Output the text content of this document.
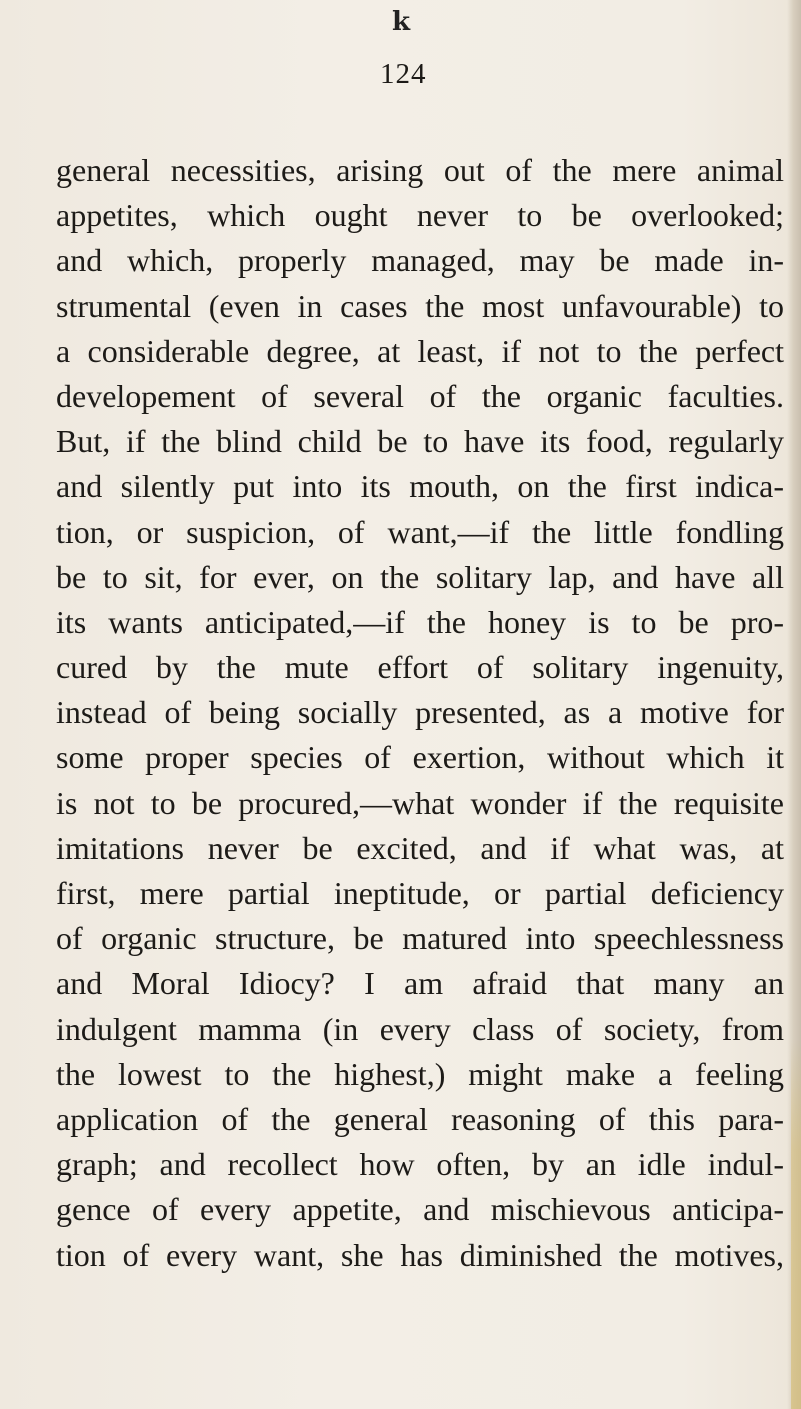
k
124
general necessities, arising out of the mere animal
appetites, which ought never to be overlooked;
and which, properly managed, may be made in-
strumental (even in cases the most unfavourable) to
a considerable degree, at least, if not to the perfect
developement of several of the organic faculties.
But, if the blind child be to have its food, regularly
and silently put into its mouth, on the first indica-
tion, or suspicion, of want,—if the little fondling
be to sit, for ever, on the solitary lap, and have all
its wants anticipated,—if the honey is to be pro-
cured by the mute effort of solitary ingenuity,
instead of being socially presented, as a motive for
some proper species of exertion, without which it
is not to be procured,—what wonder if the requisite
imitations never be excited, and if what was, at
first, mere partial ineptitude, or partial deficiency
of organic structure, be matured into speechlessness
and Moral Idiocy? I am afraid that many an
indulgent mamma (in every class of society, from
the lowest to the highest,) might make a feeling
application of the general reasoning of this para-
graph; and recollect how often, by an idle indul-
gence of every appetite, and mischievous anticipa-
tion of every want, she has diminished the motives,
